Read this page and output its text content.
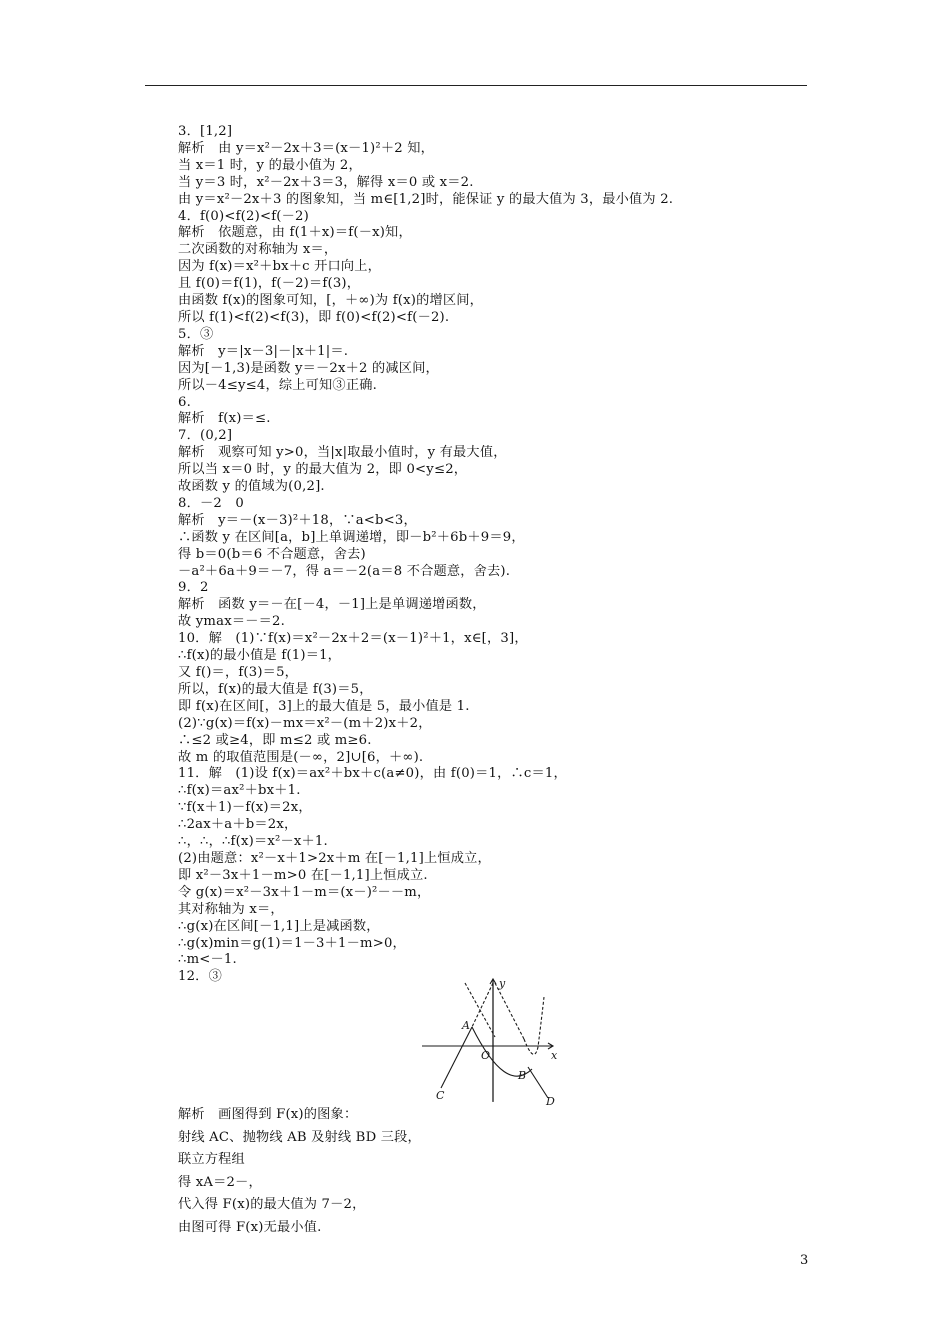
3．[1,2]
解析　由 y＝x²－2x＋3＝(x－1)²＋2 知，
当 x＝1 时，y 的最小值为 2，
当 y＝3 时，x²－2x＋3＝3，解得 x＝0 或 x＝2.
由 y＝x²－2x＋3 的图象知，当 m∈[1,2]时，能保证 y 的最大值为 3，最小值为 2.
4．f(0)<f(2)<f(－2)
解析　依题意，由 f(1＋x)＝f(－x)知，
二次函数的对称轴为 x＝，
因为 f(x)＝x²＋bx＋c 开口向上，
且 f(0)＝f(1)，f(－2)＝f(3)，
由函数 f(x)的图象可知，[，＋∞)为 f(x)的增区间，
所以 f(1)<f(2)<f(3)，即 f(0)<f(2)<f(－2).
5．③
解析　y＝|x－3|－|x＋1|＝.
因为[－1,3)是函数 y＝－2x＋2 的减区间，
所以－4≤y≤4，综上可知③正确.
6.
解析　f(x)＝≤.
7．(0,2]
解析　观察可知 y>0，当|x|取最小值时，y 有最大值，
所以当 x＝0 时，y 的最大值为 2，即 0<y≤2，
故函数 y 的值域为(0,2].
8．－2　0
解析　y＝－(x－3)²＋18，∵a<b<3，
∴函数 y 在区间[a，b]上单调递增，即－b²＋6b＋9＝9，
得 b＝0(b＝6 不合题意，舍去)
－a²＋6a＋9＝－7，得 a＝－2(a＝8 不合题意，舍去).
9．2
解析　函数 y＝－在[－4，－1]上是单调递增函数，
故 ymax＝－＝2.
10．解　(1)∵f(x)＝x²－2x＋2＝(x－1)²＋1，x∈[，3]，
∴f(x)的最小值是 f(1)＝1，
又 f()＝，f(3)＝5，
所以，f(x)的最大值是 f(3)＝5，
即 f(x)在区间[，3]上的最大值是 5，最小值是 1.
(2)∵g(x)＝f(x)－mx＝x²－(m＋2)x＋2，
∴≤2 或≥4，即 m≤2 或 m≥6.
故 m 的取值范围是(－∞，2]∪[6，＋∞).
11．解　(1)设 f(x)＝ax²＋bx＋c(a≠0)，由 f(0)＝1，∴c＝1，
∴f(x)＝ax²＋bx＋1.
∵f(x＋1)－f(x)＝2x，
∴2ax＋a＋b＝2x，
∴，∴，∴f(x)＝x²－x＋1.
(2)由题意：x²－x＋1>2x＋m 在[－1,1]上恒成立，
即 x²－3x＋1－m>0 在[－1,1]上恒成立.
令 g(x)＝x²－3x＋1－m＝(x－)²－－m，
其对称轴为 x＝，
∴g(x)在区间[－1,1]上是减函数，
∴g(x)min＝g(1)＝1－3＋1－m>0，
∴m<－1.
12．③	y
x
O
A
B
C	D
解析　画图得到 F(x)的图象：
射线 AC、抛物线 AB 及射线 BD 三段，
联立方程组
得 xA＝2－，
代入得 F(x)的最大值为 7－2，
由图可得 F(x)无最小值.
3
